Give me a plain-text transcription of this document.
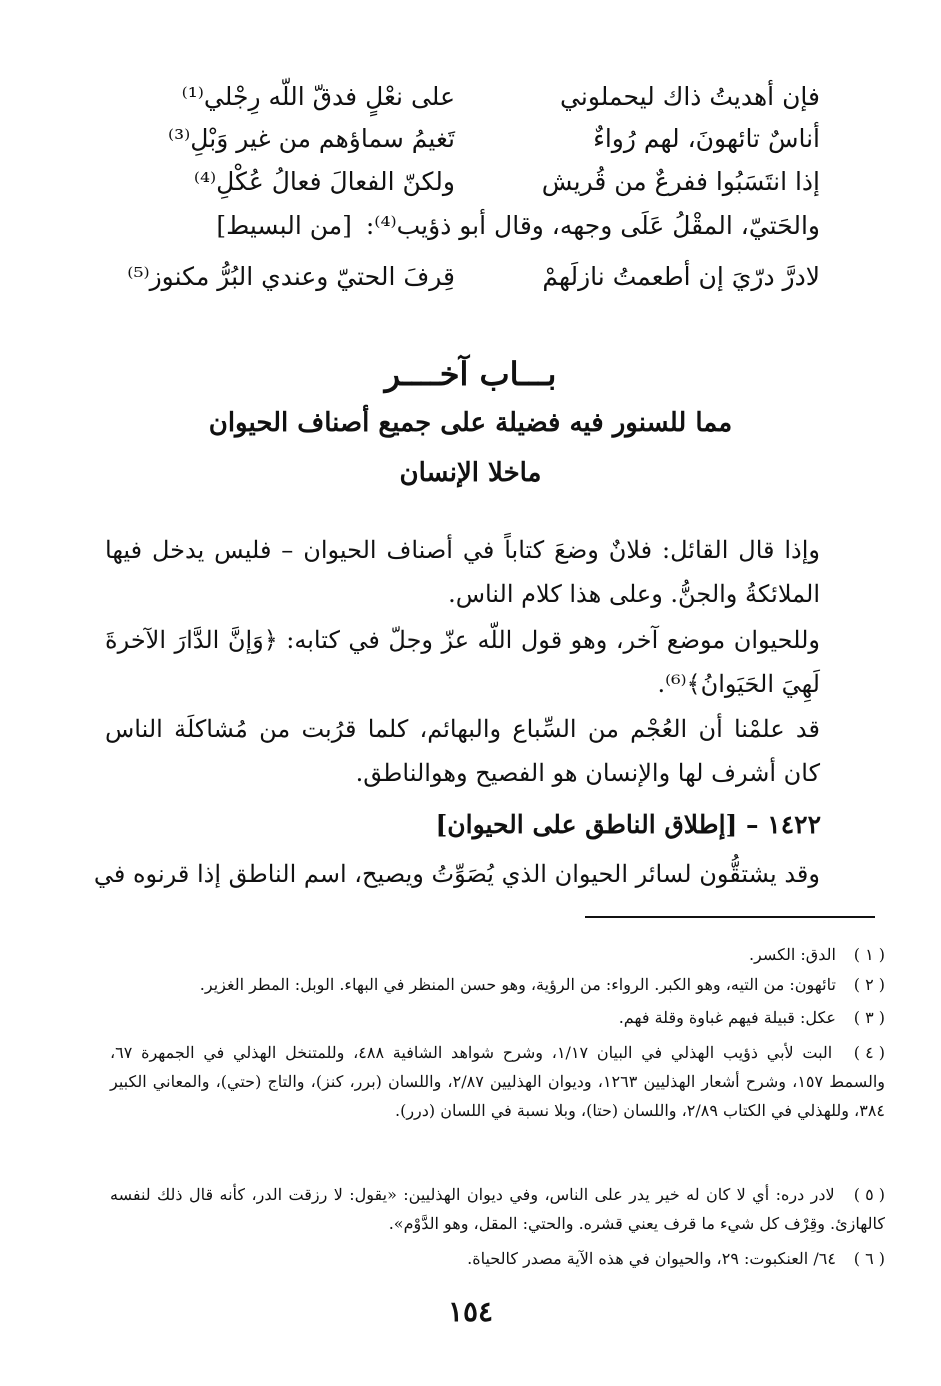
فإن أهديتُ ذاك ليحملوني
على نعْلٍ فدقّ اللّه رِجْلي⁽¹⁾
أناسٌ تائهونَ، لهم رُواءٌ
تَغيمُ سماؤهم من غير وَبْلِ⁽³⁾
إذا انتَسَبُوا ففرعٌ من قُريش
ولكنّ الفعالَ فعالُ عُكْلِ⁽⁴⁾
والحَتيّ، المقْلُ عَلَى وجهه، وقال أبو ذؤيب⁽⁴⁾: [من البسيط]
لادرَّ درّيَ إن أطعمتُ نازلَهمْ
قِرفَ الحتيّ وعندي البُرُّ مكنوز⁽⁵⁾
بـــاب آخــــر
مما للسنور فيه فضيلة على جميع أصناف الحيوان
ماخلا الإنسان
وإذا قال القائل: فلانٌ وضعَ كتاباً في أصناف الحيوان – فليس يدخل فيها الملائكةُ والجنُّ. وعلى هذا كلام الناس.
وللحيوان موضع آخر، وهو قول اللّه عزّ وجلّ في كتابه: ﴿وَإنَّ الدَّارَ الآخرةَ لَهِيَ الحَيَوانُ﴾⁽⁶⁾.
قد علمْنا أن العُجْم من السِّباع والبهائم، كلما قرُبت من مُشاكلَة الناس كان أشرف لها والإنسان هو الفصيح وهوالناطق.
١٤٢٢ – [إطلاق الناطق على الحيوان]
وقد يشتقُّون لسائر الحيوان الذي يُصَوِّتُ ويصيح، اسم الناطق إذا قرنوه في
( ١ ) الدق: الكسر.
( ٢ ) تائهون: من التيه، وهو الكبر. الرواء: من الرؤية، وهو حسن المنظر في البهاء. الوبل: المطر الغزير.
( ٣ ) عكل: قبيلة فيهم غباوة وقلة فهم.
( ٤ ) البت لأبي ذؤيب الهذلي في البيان ١/١٧، وشرح شواهد الشافية ٤٨٨، وللمتنخل الهذلي في الجمهرة ٦٧، والسمط ١٥٧، وشرح أشعار الهذليين ١٢٦٣، وديوان الهذليين ٢/٨٧، واللسان (برر، كنز)، والتاج (حتي)، والمعاني الكبير ٣٨٤، وللهذلي في الكتاب ٢/٨٩، واللسان (حتا)، وبلا نسبة في اللسان (درر).
( ٥ ) لادر دره: أي لا كان له خير يدر على الناس، وفي ديوان الهذليين: «يقول: لا رزقت الدر، كأنه قال ذلك لنفسه كالهازئ. وقِرْف كل شيء ما قرف يعني قشره. والحتي: المقل، وهو الدَّوْم».
( ٦ ) ٦٤/ العنكبوت: ٢٩، والحيوان في هذه الآية مصدر كالحياة.
١٥٤
